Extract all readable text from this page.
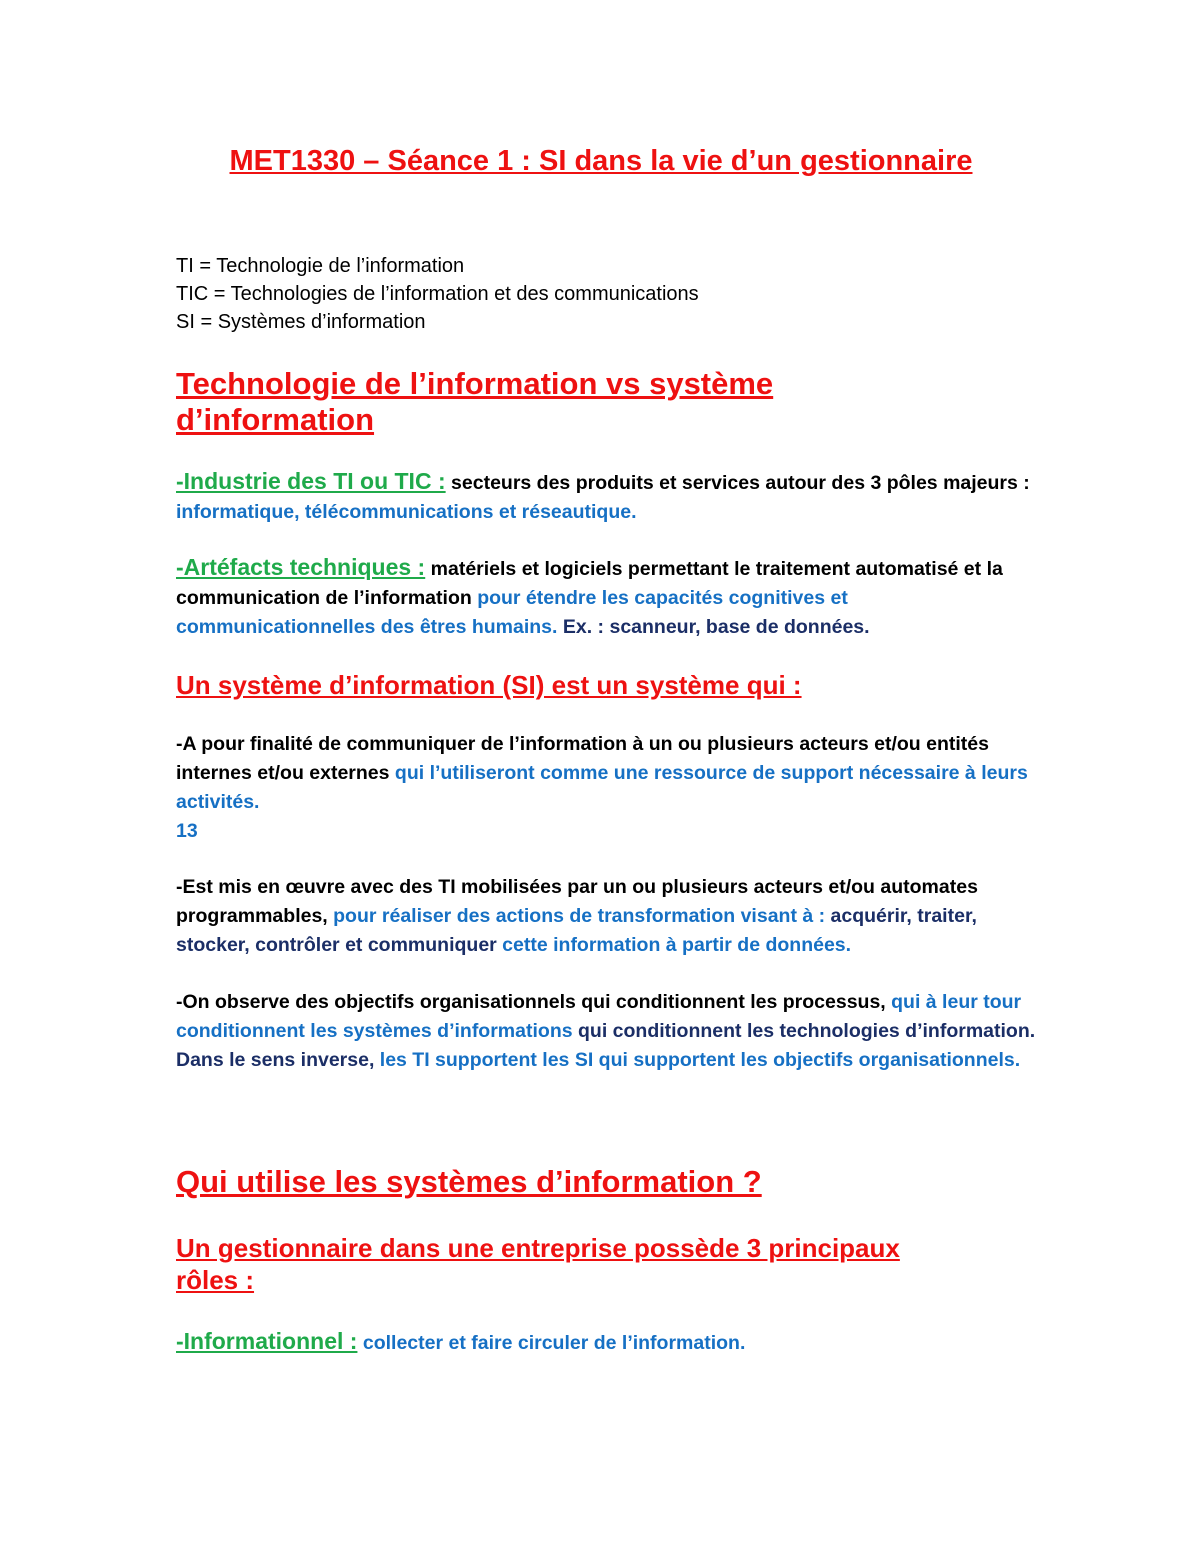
MET1330 – Séance 1 : SI dans la vie d’un gestionnaire
TI = Technologie de l’information
TIC = Technologies de l’information et des communications
SI = Systèmes d’information
Technologie de l’information vs système d’information

-Industrie des TI ou TIC : secteurs des produits et services autour des 3 pôles majeurs : informatique, télécommunications et réseautique.

-Artéfacts techniques : matériels et logiciels permettant le traitement automatisé et la communication de l’information pour étendre les capacités cognitives et communicationnelles des êtres humains. Ex. : scanneur, base de données.

Un système d’information (SI) est un système qui :

-A pour finalité de communiquer de l’information à un ou plusieurs acteurs et/ou entités internes et/ou externes qui l’utiliseront comme une ressource de support nécessaire à leurs activités.
13

-Est mis en œuvre avec des TI mobilisées par un ou plusieurs acteurs et/ou automates programmables, pour réaliser des actions de transformation visant à : acquérir, traiter, stocker, contrôler et communiquer cette information à partir de données.

-On observe des objectifs organisationnels qui conditionnent les processus, qui à leur tour conditionnent les systèmes d’informations qui conditionnent les technologies d’information. Dans le sens inverse, les TI supportent les SI qui supportent les objectifs organisationnels.

Qui utilise les systèmes d’information ?
Un gestionnaire dans une entreprise possède 3 principaux rôles :

-Informationnel : collecter et faire circuler de l’information.
